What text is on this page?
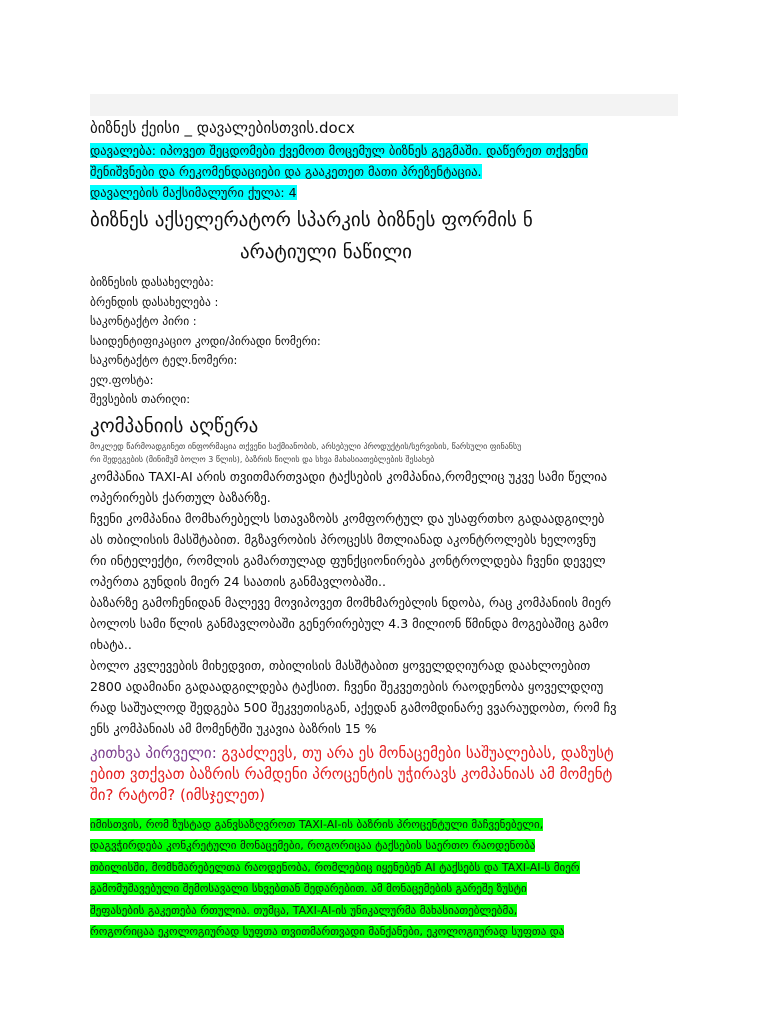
ბიზნეს ქეისი _ დავალებისთვის.docx

დავალება: იპოვეთ შეცდომები ქვემოთ მოცემულ ბიზნეს გეგმაში. დაწერეთ თქვენი

შენიშვნები და რეკომენდაციები და გააკეთეთ მათი პრეზენტაცია.

დავალების მაქსიმალური ქულა: 4

ბიზნეს აქსელერატორ სპარკის ბიზნეს ფორმის ნ

არატიული ნაწილი

ბიზნესის დასახელება:

ბრენდის დასახელება :

საკონტაქტო პირი :

საიდენტიფიკაციო კოდი/პირადი ნომერი:

საკონტაქტო ტელ.ნომერი:

ელ.ფოსტა:

შევსების თარიღი:

კომპანიის აღწერა

მოკლედ წარმოადგინეთ ინფორმაცია თქვენი საქმიანობის, არსებული პროდუქტის/სერვისის, წარსული ფინანსუ

რი შედეგების (მინიმუმ ბოლო 3 წლის), ბაზრის წილის და სხვა მახასიათებლების შესახებ

კომპანია TAXI-AI არის თვითმართვადი ტაქსების კომპანია,რომელიც უკვე სამი წელია

ოპერირებს ქართულ ბაზარზე.

ჩვენი კომპანია მომხარებელს სთავაზობს კომფორტულ და უსაფრთხო გადაადგილებ

ას თბილისის მასშტაბით. მგზავრობის პროცესს მთლიანად აკონტროლებს ხელოვნუ

რი ინტელექტი, რომლის გამართულად ფუნქციონირება კონტროლდება ჩვენი დეველ

ოპერთა გუნდის მიერ 24 საათის განმავლობაში..

ბაზარზე გამოჩენიდან მალევე მოვიპოვეთ მომხმარებლის ნდობა, რაც კომპანიის მიერ

ბოლოს სამი წლის განმავლობაში გენერირებულ 4.3 მილიონ წმინდა მოგებაშიც გამო

იხატა..

ბოლო კვლევების მიხედვით, თბილისის მასშტაბით ყოველდღიურად დაახლოებით

2800 ადამიანი გადაადგილდება ტაქსით. ჩვენი შეკვეთების რაოდენობა ყოველდღიუ

რად საშუალოდ შედგება 500 შეკვეთისგან, აქედან გამომდინარე ვვარაუდობთ, რომ ჩვ

ენს კომპანიას ამ მომენტში უკავია ბაზრის 15 %

კითხვა პირველი: გვაძლევს, თუ არა ეს მონაცემები საშუალებას, დაზუსტ

ებით ვთქვათ ბაზრის რამდენი პროცენტის უჭირავს კომპანიას ამ მომენტ

ში? რატომ? (იმსჯელეთ)

იმისთვის, რომ ზუსტად განვსაზღვროთ TAXI-AI-ის ბაზრის პროცენტული მაჩვენებელი,
დაგვჭირდება კონკრეტული მონაცემები, როგორიცაა ტაქსების საერთო რაოდენობა
თბილისში, მომხმარებელთა რაოდენობა, რომლებიც იყენებენ AI ტაქსებს და TAXI-AI-ს მიერ
გამომუშავებული შემოსავალი სხვებთან შედარებით. ამ მონაცემების გარეშე ზუსტი
შეფასების გაკეთება რთულია. თუმცა, TAXI-AI-ის უნიკალურმა მახასიათებლებმა,
როგორიცაა ეკოლოგიურად სუფთა თვითმართვადი მანქანები, ეკოლოგიურად სუფთა და
